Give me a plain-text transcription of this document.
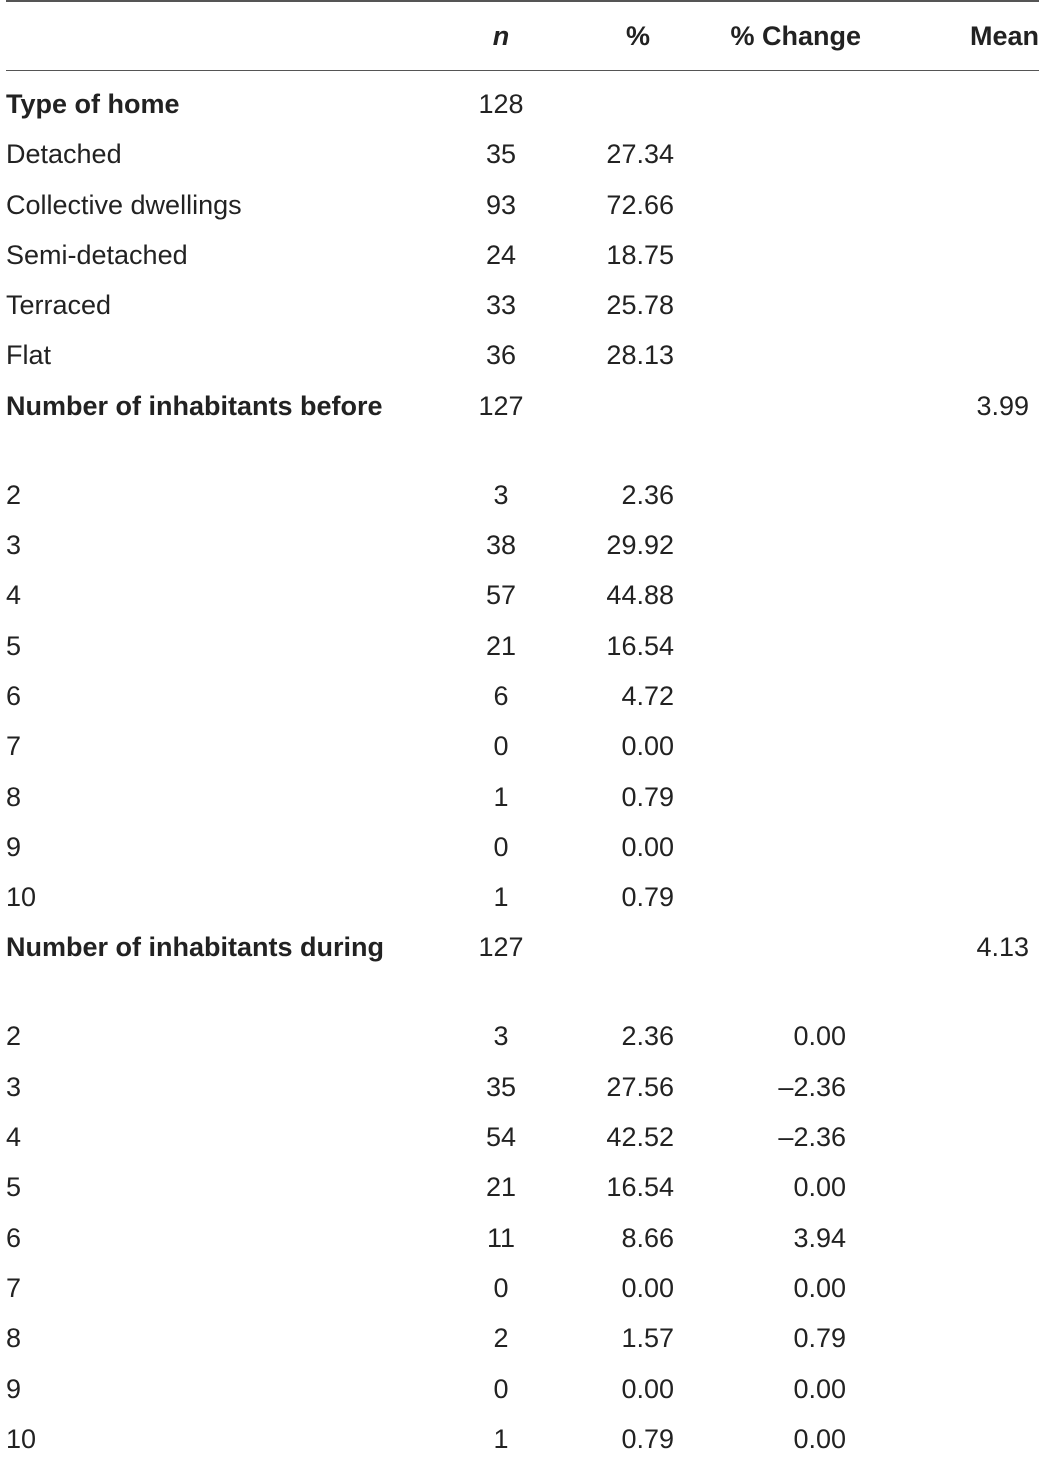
	n	%	% Change	Mean
Type of home	128			
Detached	35	27.34		
Collective dwellings	93	72.66		
Semi-detached	24	18.75		
Terraced	33	25.78		
Flat	36	28.13		
Number of inhabitants before	127			3.99
2	3	2.36		
3	38	29.92		
4	57	44.88		
5	21	16.54		
6	6	4.72		
7	0	0.00		
8	1	0.79		
9	0	0.00		
10	1	0.79		
Number of inhabitants during	127			4.13
2	3	2.36	0.00	
3	35	27.56	–2.36	
4	54	42.52	–2.36	
5	21	16.54	0.00	
6	11	8.66	3.94	
7	0	0.00	0.00	
8	2	1.57	0.79	
9	0	0.00	0.00	
10	1	0.79	0.00	
